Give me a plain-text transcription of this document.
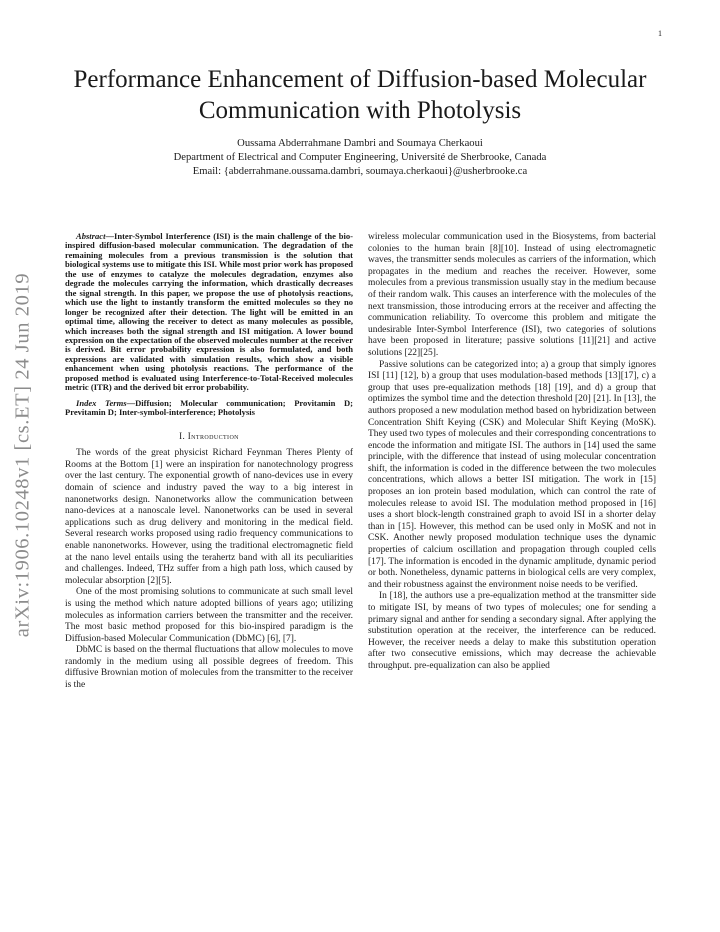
1
arXiv:1906.10248v1 [cs.ET] 24 Jun 2019
Performance Enhancement of Diffusion-based Molecular Communication with Photolysis
Oussama Abderrahmane Dambri and Soumaya Cherkaoui
Department of Electrical and Computer Engineering, Université de Sherbrooke, Canada
Email: {abderrahmane.oussama.dambri, soumaya.cherkaoui}@usherbrooke.ca

Abstract—Inter-Symbol Interference (ISI) is the main challenge of the bio-inspired diffusion-based molecular communication. The degradation of the remaining molecules from a previous transmission is the solution that biological systems use to mitigate this ISI. While most prior work has proposed the use of enzymes to catalyze the molecules degradation, enzymes also degrade the molecules carrying the information, which drastically decreases the signal strength. In this paper, we propose the use of photolysis reactions, which use the light to instantly transform the emitted molecules so they no longer be recognized after their detection. The light will be emitted in an optimal time, allowing the receiver to detect as many molecules as possible, which increases both the signal strength and ISI mitigation. A lower bound expression on the expectation of the observed molecules number at the receiver is derived. Bit error probability expression is also formulated, and both expressions are validated with simulation results, which show a visible enhancement when using photolysis reactions. The performance of the proposed method is evaluated using Interference-to-Total-Received molecules metric (ITR) and the derived bit error probability.

Index Terms—Diffusion; Molecular communication; Provitamin D; Previtamin D; Inter-symbol-interference; Photolysis

I. Introduction

The words of the great physicist Richard Feynman Theres Plenty of Rooms at the Bottom [1] were an inspiration for nanotechnology progress over the last century. The exponential growth of nano-devices use in every domain of science and industry paved the way to a big interest in nanonetworks design. Nanonetworks allow the communication between nano-devices at a nanoscale level. Nanonetworks can be used in several applications such as drug delivery and monitoring in the medical field. Several research works proposed using radio frequency communications to enable nanonetworks. However, using the traditional electromagnetic field at the nano level entails using the terahertz band with all its peculiarities and challenges. Indeed, THz suffer from a high path loss, which caused by molecular absorption [2][5].

One of the most promising solutions to communicate at such small level is using the method which nature adopted billions of years ago; utilizing molecules as information carriers between the transmitter and the receiver. The most basic method proposed for this bio-inspired paradigm is the Diffusion-based Molecular Communication (DbMC) [6], [7].

DbMC is based on the thermal fluctuations that allow molecules to move randomly in the medium using all possible degrees of freedom. This diffusive Brownian motion of molecules from the transmitter to the receiver is the

wireless molecular communication used in the Biosystems, from bacterial colonies to the human brain [8][10]. Instead of using electromagnetic waves, the transmitter sends molecules as carriers of the information, which propagates in the medium and reaches the receiver. However, some molecules from a previous transmission usually stay in the medium because of their random walk. This causes an interference with the molecules of the next transmission, those introducing errors at the receiver and affecting the communication reliability. To overcome this problem and mitigate the undesirable Inter-Symbol Interference (ISI), two categories of solutions have been proposed in literature; passive solutions [11][21] and active solutions [22][25].

Passive solutions can be categorized into; a) a group that simply ignores ISI [11] [12], b) a group that uses modulation-based methods [13][17], c) a group that uses pre-equalization methods [18] [19], and d) a group that optimizes the symbol time and the detection threshold [20] [21]. In [13], the authors proposed a new modulation method based on hybridization between Concentration Shift Keying (CSK) and Molecular Shift Keying (MoSK). They used two types of molecules and their corresponding concentrations to encode the information and mitigate ISI. The authors in [14] used the same principle, with the difference that instead of using molecular concentration shift, the information is coded in the difference between the two molecules concentrations, which allows a better ISI mitigation. The work in [15] proposes an ion protein based modulation, which can control the rate of molecules release to avoid ISI. The modulation method proposed in [16] uses a short block-length constrained graph to avoid ISI in a shorter delay than in [15]. However, this method can be used only in MoSK and not in CSK. Another newly proposed modulation technique uses the dynamic properties of calcium oscillation and propagation through coupled cells [17]. The information is encoded in the dynamic amplitude, dynamic period or both. Nonetheless, dynamic patterns in biological cells are very complex, and their robustness against the environment noise needs to be verified.

In [18], the authors use a pre-equalization method at the transmitter side to mitigate ISI, by means of two types of molecules; one for sending a primary signal and anther for sending a secondary signal. After applying the substitution operation at the receiver, the interference can be reduced. However, the receiver needs a delay to make this substitution operation after two consecutive emissions, which may decrease the achievable throughput. pre-equalization can also be applied
